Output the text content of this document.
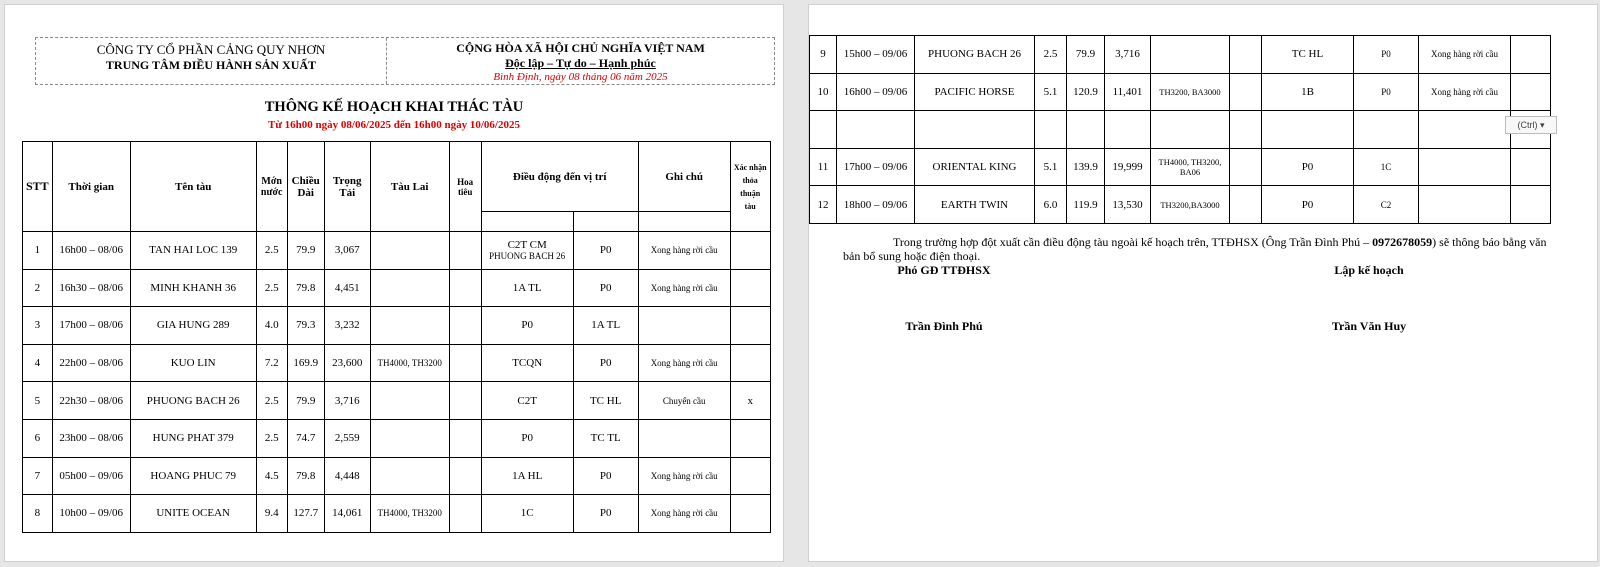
CÔNG TY CỔ PHẦN CẢNG QUY NHƠN
TRUNG TÂM ĐIỀU HÀNH SẢN XUẤT
CỘNG HÒA XÃ HỘI CHỦ NGHĨA VIỆT NAM
Độc lập – Tự do – Hạnh phúc
Bình Định, ngày 08 tháng 06 năm 2025
THÔNG KẾ HOẠCH KHAI THÁC TÀU
Từ 16h00 ngày 08/06/2025 đến 16h00 ngày 10/06/2025
STT	Thời gian	Tên tàu	Mớn nước	Chiều Dài	Trọng Tải	Tàu Lai	Hoa tiêu	Điều động đến vị trí		Ghi chú	Xác nhận thỏa thuận tàu

1	16h00 – 08/06	TAN HAI LOC 139	2.5	79.9	3,067			C2T CM
PHUONG BACH 26	P0	Xong hàng rời cầu	
2	16h30 – 08/06	MINH KHANH 36	2.5	79.8	4,451			1A TL	P0	Xong hàng rời cầu	
3	17h00 – 08/06	GIA HUNG 289	4.0	79.3	3,232			P0	1A TL		
4	22h00 – 08/06	KUO LIN	7.2	169.9	23,600	TH4000, TH3200		TCQN	P0	Xong hàng rời cầu	
5	22h30 – 08/06	PHUONG BACH 26	2.5	79.9	3,716			C2T	TC HL	Chuyển cầu	x
6	23h00 – 08/06	HUNG PHAT 379	2.5	74.7	2,559			P0	TC TL		
7	05h00 – 09/06	HOANG PHUC 79	4.5	79.8	4,448			1A HL	P0	Xong hàng rời cầu	
8	10h00 – 09/06	UNITE OCEAN	9.4	127.7	14,061	TH4000, TH3200		1C	P0	Xong hàng rời cầu	
9	15h00 – 09/06	PHUONG BACH 26	2.5	79.9	3,716			TC HL	P0	Xong hàng rời cầu	
10	16h00 – 09/06	PACIFIC HORSE	5.1	120.9	11,401	TH3200, BA3000		1B	P0	Xong hàng rời cầu	

11	17h00 – 09/06	ORIENTAL KING	5.1	139.9	19,999	TH4000, TH3200, BA06		P0	1C		
12	18h00 – 09/06	EARTH TWIN	6.0	119.9	13,530	TH3200,BA3000		P0	C2		
(Ctrl) ▾

Trong trường hợp đột xuất cần điều động tàu ngoài kế hoạch trên, TTĐHSX (Ông Trần Đình Phú – 0972678059) sẽ thông báo bằng văn bản bổ sung hoặc điện thoại.

Phó GĐ TTĐHSX
Trần Đình Phú
Lập kế hoạch
Trần Văn Huy
